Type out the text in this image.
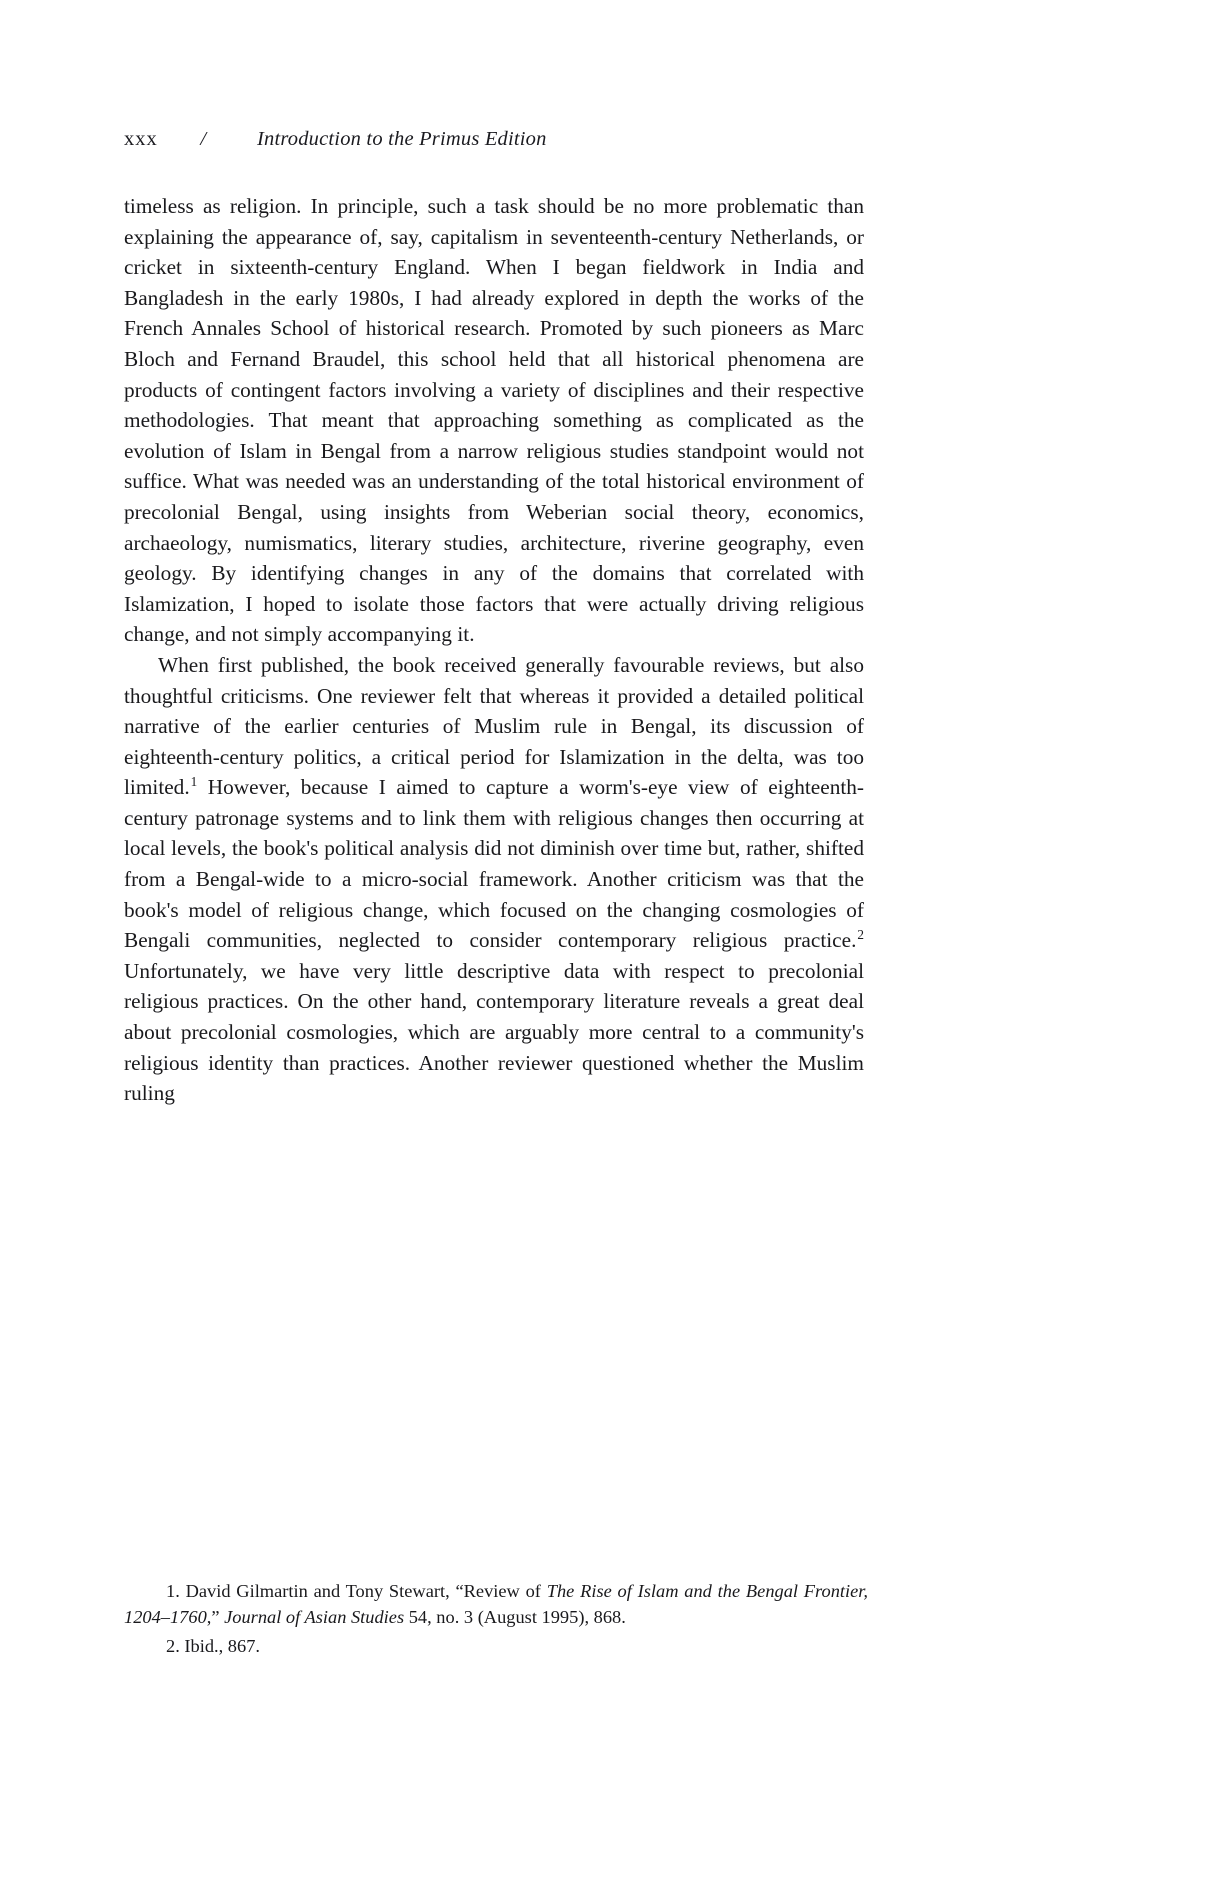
xxx / Introduction to the Primus Edition

timeless as religion. In principle, such a task should be no more problematic than explaining the appearance of, say, capitalism in seventeenth-century Netherlands, or cricket in sixteenth-century England. When I began fieldwork in India and Bangladesh in the early 1980s, I had already explored in depth the works of the French Annales School of historical research. Promoted by such pioneers as Marc Bloch and Fernand Braudel, this school held that all historical phenomena are products of contingent factors involving a variety of disciplines and their respective methodologies. That meant that approaching something as complicated as the evolution of Islam in Bengal from a narrow religious studies standpoint would not suffice. What was needed was an understanding of the total historical environment of precolonial Bengal, using insights from Weberian social theory, economics, archaeology, numismatics, literary studies, architecture, riverine geography, even geology. By identifying changes in any of the domains that correlated with Islamization, I hoped to isolate those factors that were actually driving religious change, and not simply accompanying it.

When first published, the book received generally favourable reviews, but also thoughtful criticisms. One reviewer felt that whereas it provided a detailed political narrative of the earlier centuries of Muslim rule in Bengal, its discussion of eighteenth-century politics, a critical period for Islamization in the delta, was too limited.$^1$ However, because I aimed to capture a worm's-eye view of eighteenth-century patronage systems and to link them with religious changes then occurring at local levels, the book's political analysis did not diminish over time but, rather, shifted from a Bengal-wide to a micro-social framework. Another criticism was that the book's model of religious change, which focused on the changing cosmologies of Bengali communities, neglected to consider contemporary religious practice.$^2$ Unfortunately, we have very little descriptive data with respect to precolonial religious practices. On the other hand, contemporary literature reveals a great deal about precolonial cosmologies, which are arguably more central to a community's religious identity than practices. Another reviewer questioned whether the Muslim ruling

1. David Gilmartin and Tony Stewart, “Review of The Rise of Islam and the Bengal Frontier, 1204–1760,” Journal of Asian Studies 54, no. 3 (August 1995), 868.

2. Ibid., 867.
